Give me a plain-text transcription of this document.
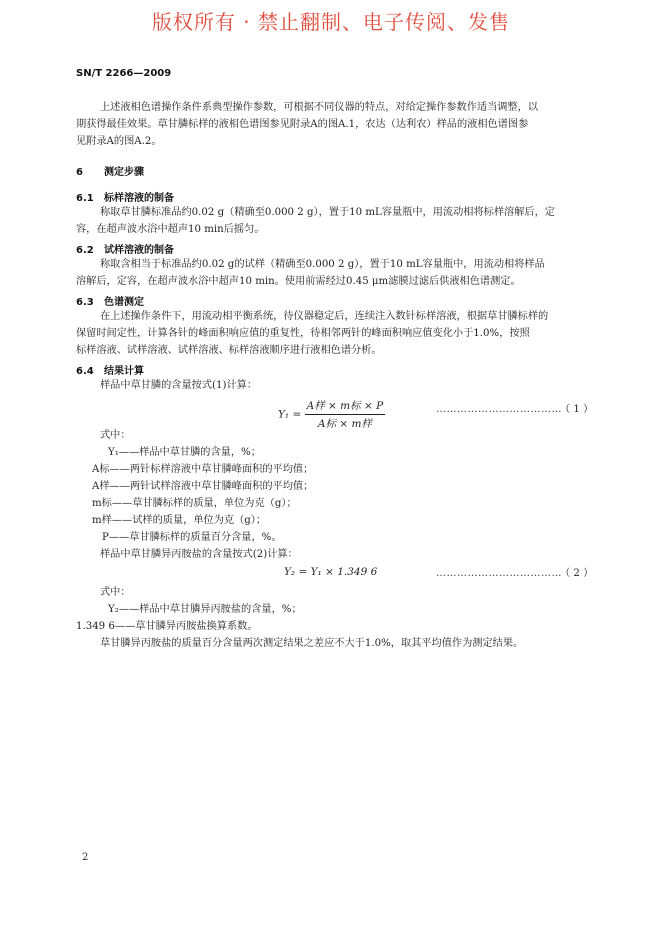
版权所有 · 禁止翻制、电子传阅、发售
SN/T 2266—2009
上述液相色谱操作条件系典型操作参数，可根据不同仪器的特点，对给定操作参数作适当调整，以
期获得最佳效果。草甘膦标样的液相色谱图参见附录A的图A.1，农达（达利农）样品的液相色谱图参
见附录A的图A.2。
6 测定步骤
6.1 标样溶液的制备
称取草甘膦标准品约0.02 g（精确至0.000 2 g），置于10 mL容量瓶中，用流动相将标样溶解后，定
容，在超声波水浴中超声10 min后摇匀。
6.2 试样溶液的制备
称取含相当于标准品约0.02 g的试样（精确至0.000 2 g），置于10 mL容量瓶中，用流动相将样品
溶解后，定容，在超声波水浴中超声10 min。使用前需经过0.45 μm滤膜过滤后供液相色谱测定。
6.3 色谱测定
在上述操作条件下，用流动相平衡系统，待仪器稳定后，连续注入数针标样溶液，根据草甘膦标样的
保留时间定性，计算各针的峰面积响应值的重复性，待相邻两针的峰面积响应值变化小于1.0%，按照
标样溶液、试样溶液、试样溶液、标样溶液顺序进行液相色谱分析。
6.4 结果计算
样品中草甘膦的含量按式(1)计算：
$Y_1 = \frac{\text{A样 × m标 × P}}{\text{A标 × m样}}$	………………………………
（ 1 ）
式中：
Y₁——样品中草甘膦的含量，%；
A标——两针标样溶液中草甘膦峰面积的平均值；
A样——两针试样溶液中草甘膦峰面积的平均值；
m标——草甘膦标样的质量，单位为克（g）；
m样——试样的质量，单位为克（g）；
P——草甘膦标样的质量百分含量，%。
样品中草甘膦异丙胺盐的含量按式(2)计算：
Y₂ = Y₁ × 1.349 6	………………………………
（ 2 ）
式中：
Y₂——样品中草甘膦异丙胺盐的含量，%；
1.349 6——草甘膦异丙胺盐换算系数。
草甘膦异丙胺盐的质量百分含量两次测定结果之差应不大于1.0%，取其平均值作为测定结果。
2
